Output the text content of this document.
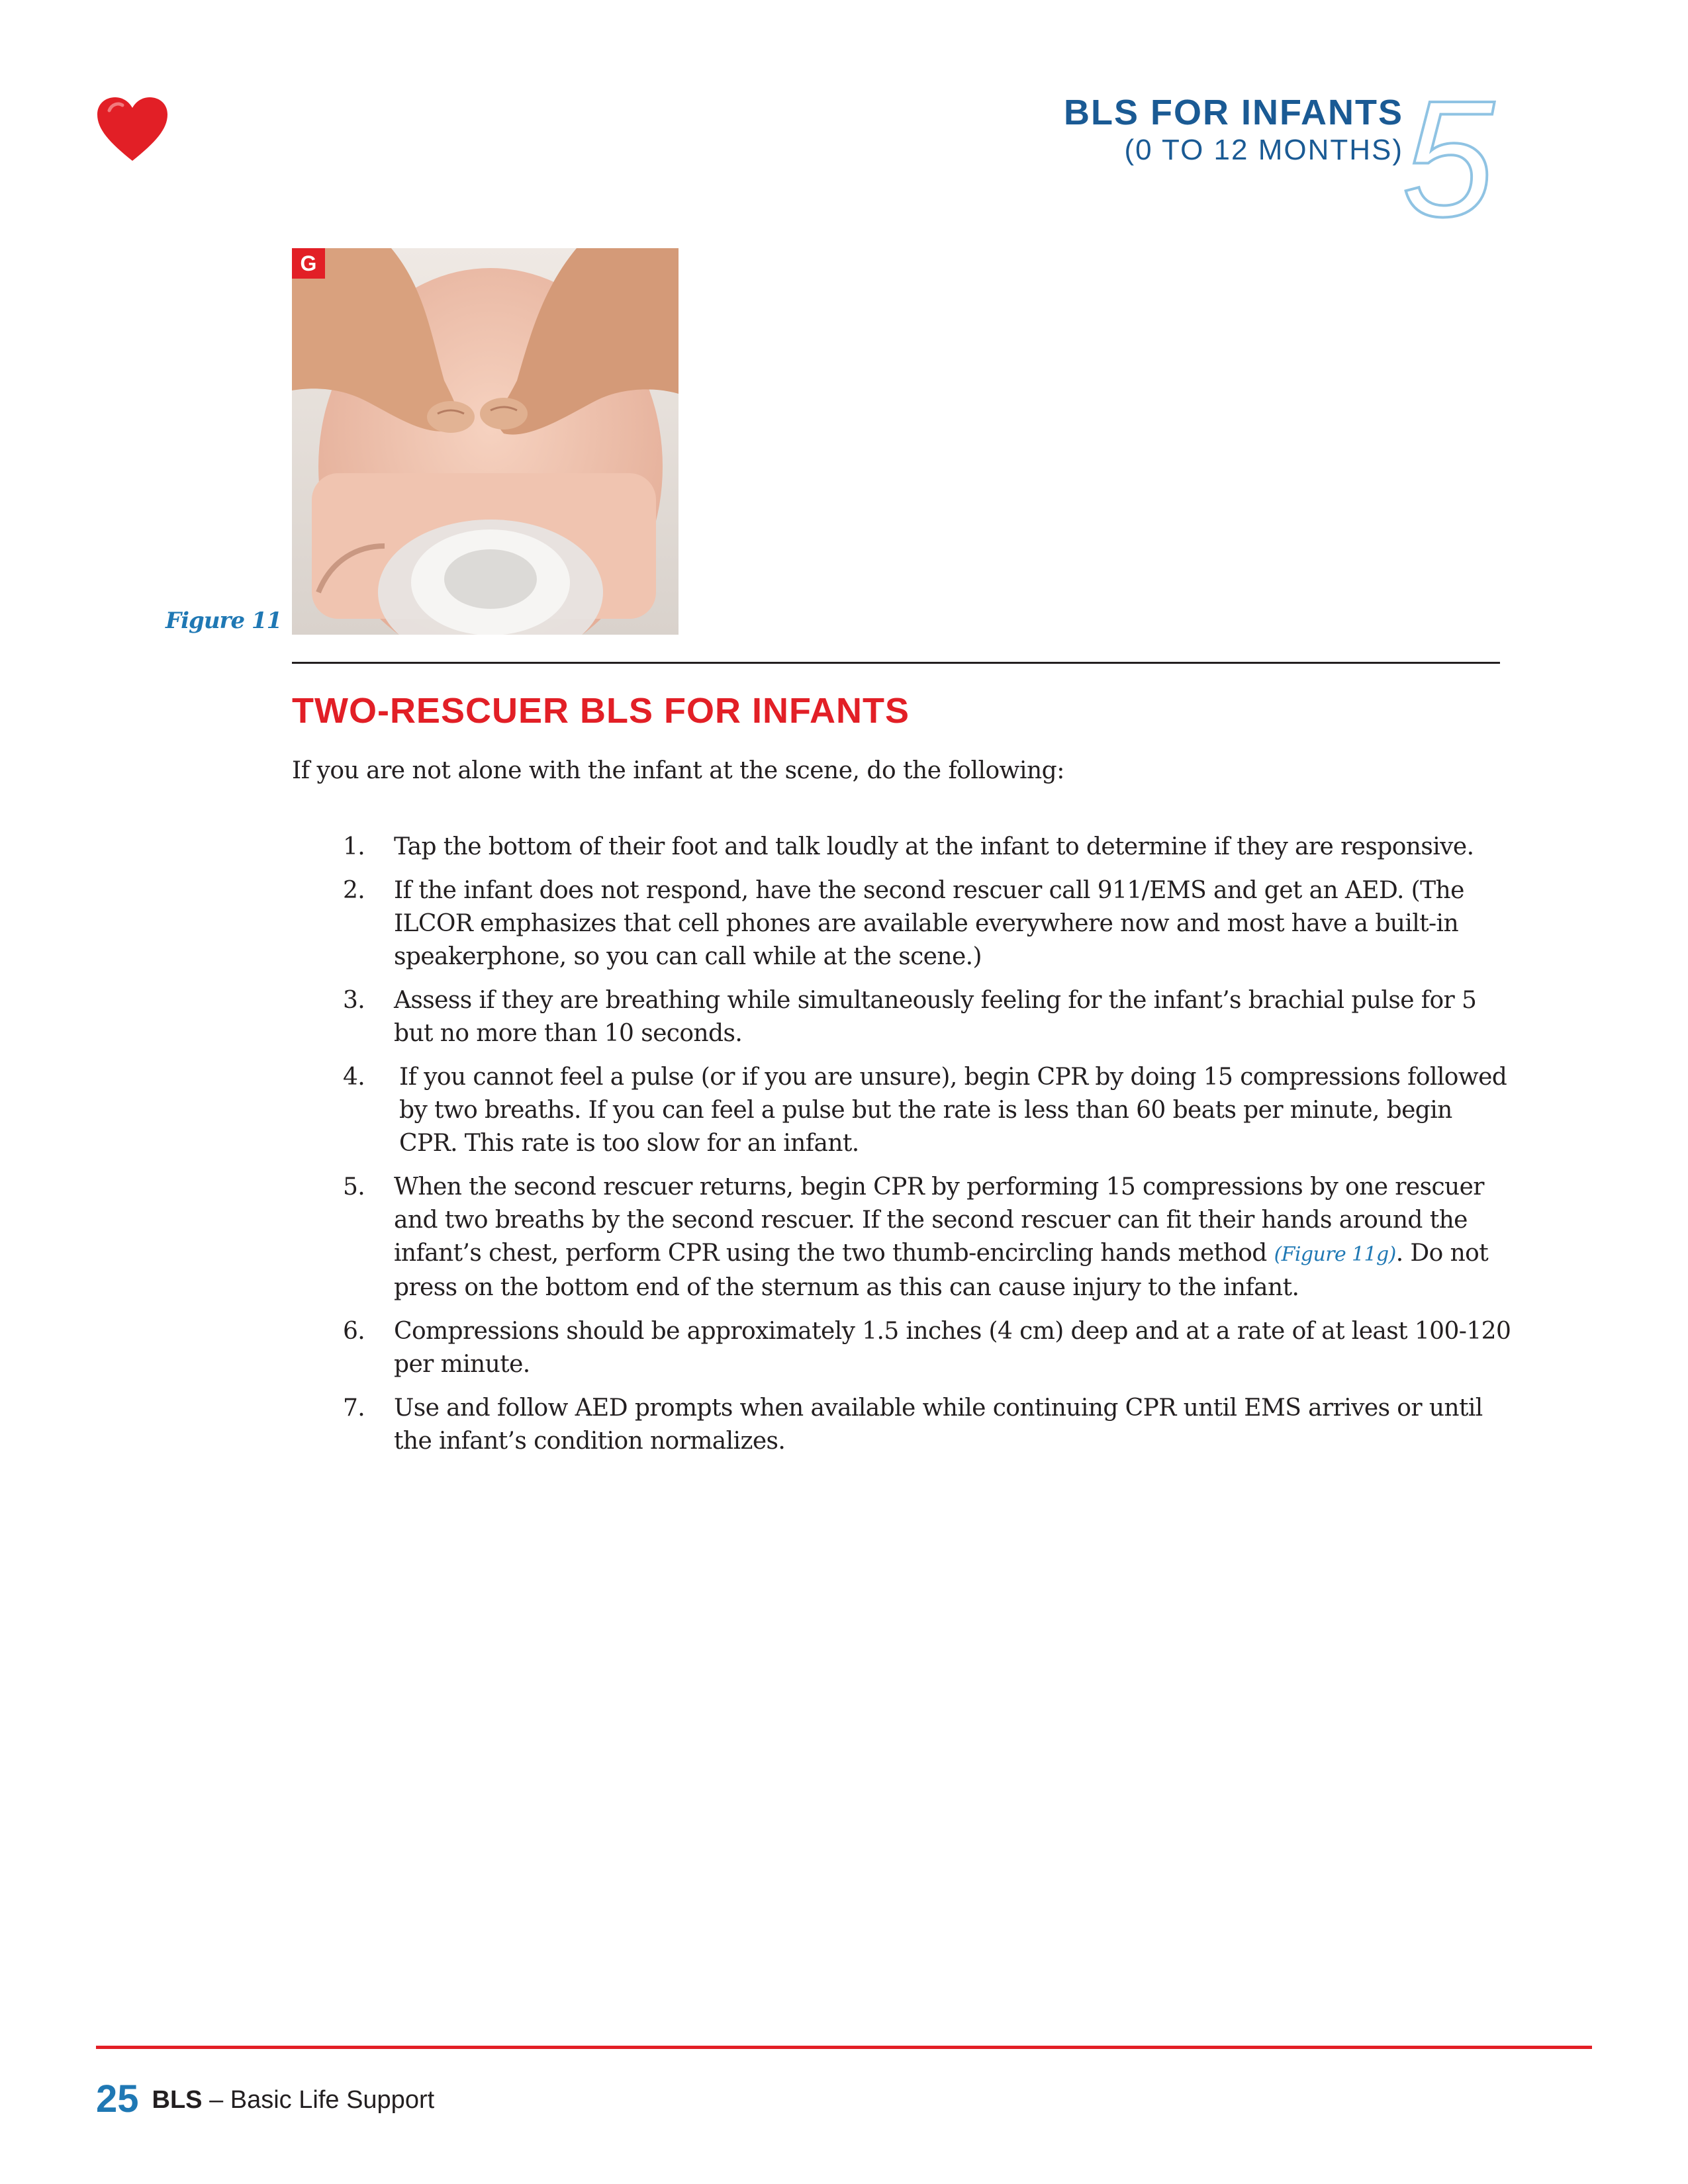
BLS FOR INFANTS
(0 TO 12 MONTHS)
5
G
Figure 11
TWO-RESCUER BLS FOR INFANTS
If you are not alone with the infant at the scene, do the following:
1. Tap the bottom of their foot and talk loudly at the infant to determine if they are responsive.
2. If the infant does not respond, have the second rescuer call 911/EMS and get an AED. (The ILCOR emphasizes that cell phones are available everywhere now and most have a built-in speakerphone, so you can call while at the scene.)
3. Assess if they are breathing while simultaneously feeling for the infant’s brachial pulse for 5 but no more than 10 seconds.
4. If you cannot feel a pulse (or if you are unsure), begin CPR by doing 15 compressions followed by two breaths. If you can feel a pulse but the rate is less than 60 beats per minute, begin CPR. This rate is too slow for an infant.
5. When the second rescuer returns, begin CPR by performing 15 compressions by one rescuer and two breaths by the second rescuer. If the second rescuer can fit their hands around the infant’s chest, perform CPR using the two thumb-encircling hands method (Figure 11g). Do not press on the bottom end of the sternum as this can cause injury to the infant.
6. Compressions should be approximately 1.5 inches (4 cm) deep and at a rate of at least 100-120 per minute.
7. Use and follow AED prompts when available while continuing CPR until EMS arrives or until the infant’s condition normalizes.
25 BLS – Basic Life Support
